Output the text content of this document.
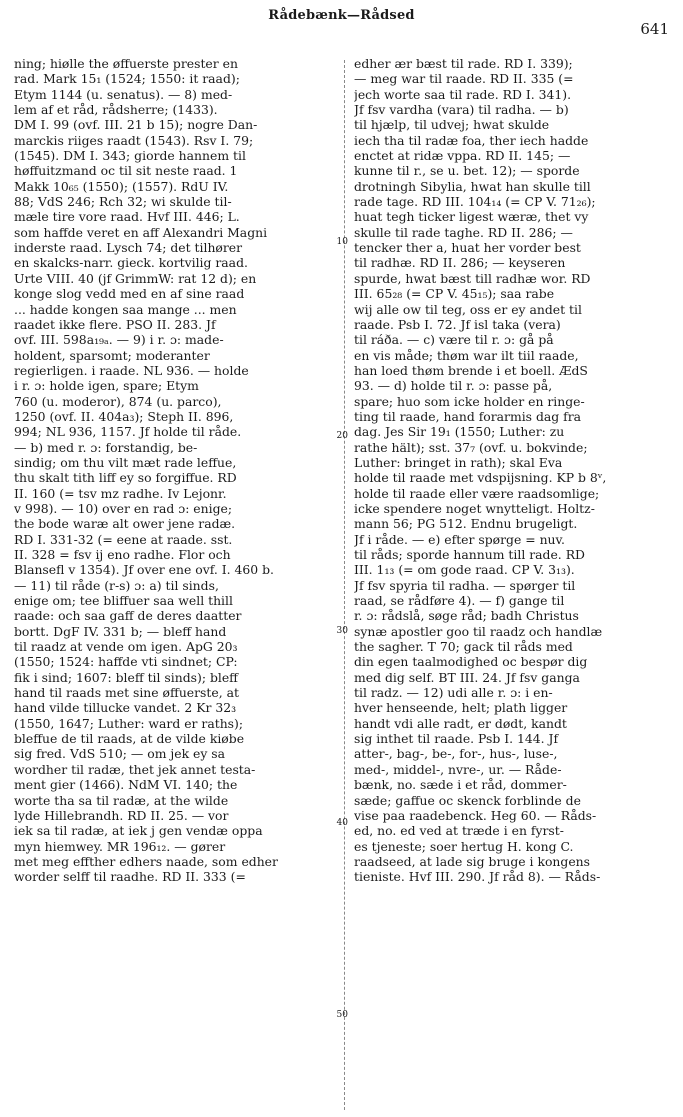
Rådebænk—Rådsed
641
ning; hiølle the øffuerste prester en
rad. Mark 15₁ (1524; 1550: it raad);
Etym 1144 (u. senatus). — 8) med-
lem af et råd, rådsherre; (1433).
DM I. 99 (ovf. III. 21 b 15); nogre Dan-
marckis riiges raadt (1543). Rsv I. 79;
(1545). DM I. 343; giorde hannem til
høffuitzmand oc til sit neste raad. 1
Makk 10₆₅ (1550); (1557). RdU IV.
88; VdS 246; Rch 32; wi skulde til-
mæle tire vore raad. Hvf III. 446; L.
som haffde veret en aff Alexandri Magni
inderste raad. Lysch 74; det tilhører
en skalcks-narr. gieck. kortvilig raad.
Urte VIII. 40 (jf GrimmW: rat 12 d); en
konge slog vedd med en af sine raad
... hadde kongen saa mange ... men
raadet ikke flere. PSO II. 283. Jf
ovf. III. 598a₁₉ₐ. — 9) i r. ɔ: made-
holdent, sparsomt; moderanter
regierligen. i raade. NL 936. — holde
i r. ɔ: holde igen, spare; Etym
760 (u. moderor), 874 (u. parco),
1250 (ovf. II. 404a₃); Steph II. 896,
994; NL 936, 1157. Jf holde til råde.
— b) med r. ɔ: forstandig, be-
sindig; om thu vilt mæt rade leffue,
thu skalt tith liff ey so forgiffue. RD
II. 160 (= tsv mz radhe. Iv Lejonr.
v 998). — 10) over en rad ɔ: enige;
the bode waræ alt ower jene radæ.
RD I. 331-32 (= eene at raade. sst.
II. 328 = fsv ij eno radhe. Flor och
Blansefl v 1354). Jf over ene ovf. I. 460 b.
— 11) til råde (r-s) ɔ: a) til sinds,
enige om; tee bliffuer saa well thill
raade: och saa gaff de deres daatter
bortt. DgF IV. 331 b; — bleff hand
til raadz at vende om igen. ApG 20₃
(1550; 1524: haffde vti sindnet; CP:
fik i sind; 1607: bleff til sinds); bleff
hand til raads met sine øffuerste, at
hand vilde tillucke vandet. 2 Kr 32₃
(1550, 1647; Luther: ward er raths);
bleffue de til raads, at de vilde kiøbe
sig fred. VdS 510; — om jek ey sa
wordher til radæ, thet jek annet testa-
ment gier (1466). NdM VI. 140; the
worte tha sa til radæ, at the wilde
lyde Hillebrandh. RD II. 25. — vor
iek sa til radæ, at iek j gen vendæ oppa
myn hiemwey. MR 196₁₂. — gører
met meg effther edhers naade, som edher
worder selff til raadhe. RD II. 333 (=
edher ær bæst til rade. RD I. 339);
— meg war til raade. RD II. 335 (=
jech worte saa til rade. RD I. 341).
Jf fsv vardha (vara) til radha. — b)
til hjælp, til udvej; hwat skulde
iech tha til radæ foa, ther iech hadde
enctet at ridæ vppa. RD II. 145; —
kunne til r., se u. bet. 12); — sporde
drotningh Sibylia, hwat han skulle till
rade tage. RD III. 104₁₄ (= CP V. 71₂₆);
huat tegh ticker ligest wæræ, thet vy
skulle til rade taghe. RD II. 286; —
tencker ther a, huat her vorder best
til radhæ. RD II. 286; — keyseren
spurde, hwat bæst till radhæ wor. RD
III. 65₂₈ (= CP V. 45₁₅); saa rabe
wij alle ow til teg, oss er ey andet til
raade. Psb I. 72. Jf isl taka (vera)
til ráða. — c) være til r. ɔ: gå på
en vis måde; thøm war ilt tiil raade,
han loed thøm brende i et boell. ÆdS
93. — d) holde til r. ɔ: passe på,
spare; huo som icke holder en ringe-
ting til raade, hand forarmis dag fra
dag. Jes Sir 19₁ (1550; Luther: zu
rathe hält); sst. 37₇ (ovf. u. bokvinde;
Luther: bringet in rath); skal Eva
holde til raade met vdspijsning. KP b 8ᵛ,
holde til raade eller være raadsomlige;
icke spendere noget wnytteligt. Holtz-
mann 56; PG 512. Endnu brugeligt.
Jf i råde. — e) efter spørge = nuv.
til råds; sporde hannum till rade. RD
III. 1₁₃ (= om gode raad. CP V. 3₁₃).
Jf fsv spyria til radha. — spørger til
raad, se rådføre 4). — f) gange til
r. ɔ: rådslå, søge råd; badh Christus
synæ apostler goo til raadz och handlæ
the sagher. T 70; gack til råds med
din egen taalmodighed oc bespør dig
med dig self. BT III. 24. Jf fsv ganga
til radz. — 12) udi alle r. ɔ: i en-
hver henseende, helt; plath ligger
handt vdi alle radt, er dødt, kandt
sig inthet til raade. Psb I. 144. Jf
atter-, bag-, be-, for-, hus-, luse-,
med-, middel-, nvre-, ur. — Råde-
bænk, no. sæde i et råd, dommer-
sæde; gaffue oc skenck forblinde de
vise paa raadebenck. Heg 60. — Råds-
ed, no. ed ved at træde i en fyrst-
es tjeneste; soer hertug H. kong C.
raadseed, at lade sig bruge i kongens
tieniste. Hvf III. 290. Jf råd 8). — Råds-
10
20
30
40
50
